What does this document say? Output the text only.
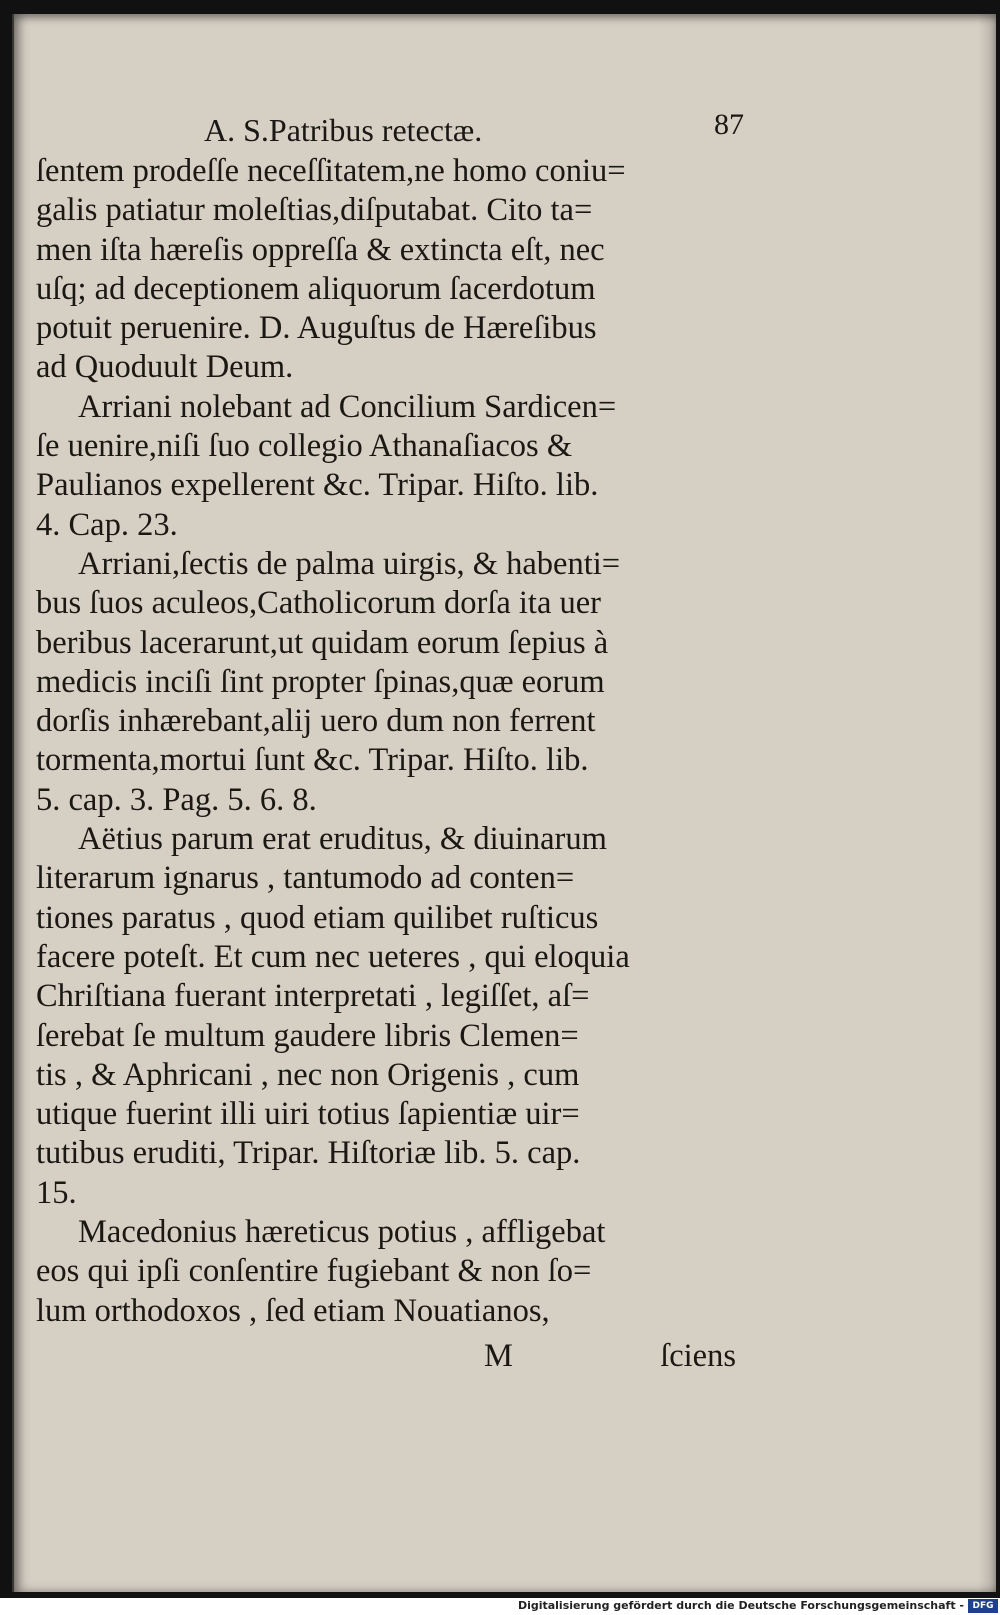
A. S.Patribus retectæ.	87
ſentem prodeſſe neceſſitatem,ne homo coniu=
galis patiatur moleſtias,diſputabat. Cito ta=
men iſta hæreſis oppreſſa & extincta eſt, nec
uſq; ad deceptionem aliquorum ſacerdotum
potuit peruenire. D. Auguſtus de Hæreſibus
ad Quoduult Deum.
Arriani nolebant ad Concilium Sardicen=
ſe uenire,niſi ſuo collegio Athanaſiacos &
Paulianos expellerent &c. Tripar. Hiſto. lib.
4. Cap. 23.
Arriani,ſectis de palma uirgis, & habenti=
bus ſuos aculeos,Catholicorum dorſa ita uer
beribus lacerarunt,ut quidam eorum ſepius à
medicis inciſi ſint propter ſpinas,quæ eorum
dorſis inhærebant,alij uero dum non ferrent
tormenta,mortui ſunt &c. Tripar. Hiſto. lib.
5. cap. 3. Pag. 5. 6. 8.
Aëtius parum erat eruditus, & diuinarum
literarum ignarus , tantumodo ad conten=
tiones paratus , quod etiam quilibet ruſticus
facere poteſt. Et cum nec ueteres , qui eloquia
Chriſtiana fuerant interpretati , legiſſet, aſ=
ſerebat ſe multum gaudere libris Clemen=
tis , & Aphricani , nec non Origenis , cum
utique fuerint illi uiri totius ſapientiæ uir=
tutibus eruditi, Tripar. Hiſtoriæ lib. 5. cap.
15.
Macedonius hæreticus potius , affligebat
eos qui ipſi conſentire fugiebant & non ſo=
lum orthodoxos , ſed etiam Nouatianos,
M	ſciens
Digitalisierung gefördert durch die Deutsche Forschungsgemeinschaft - DFG
